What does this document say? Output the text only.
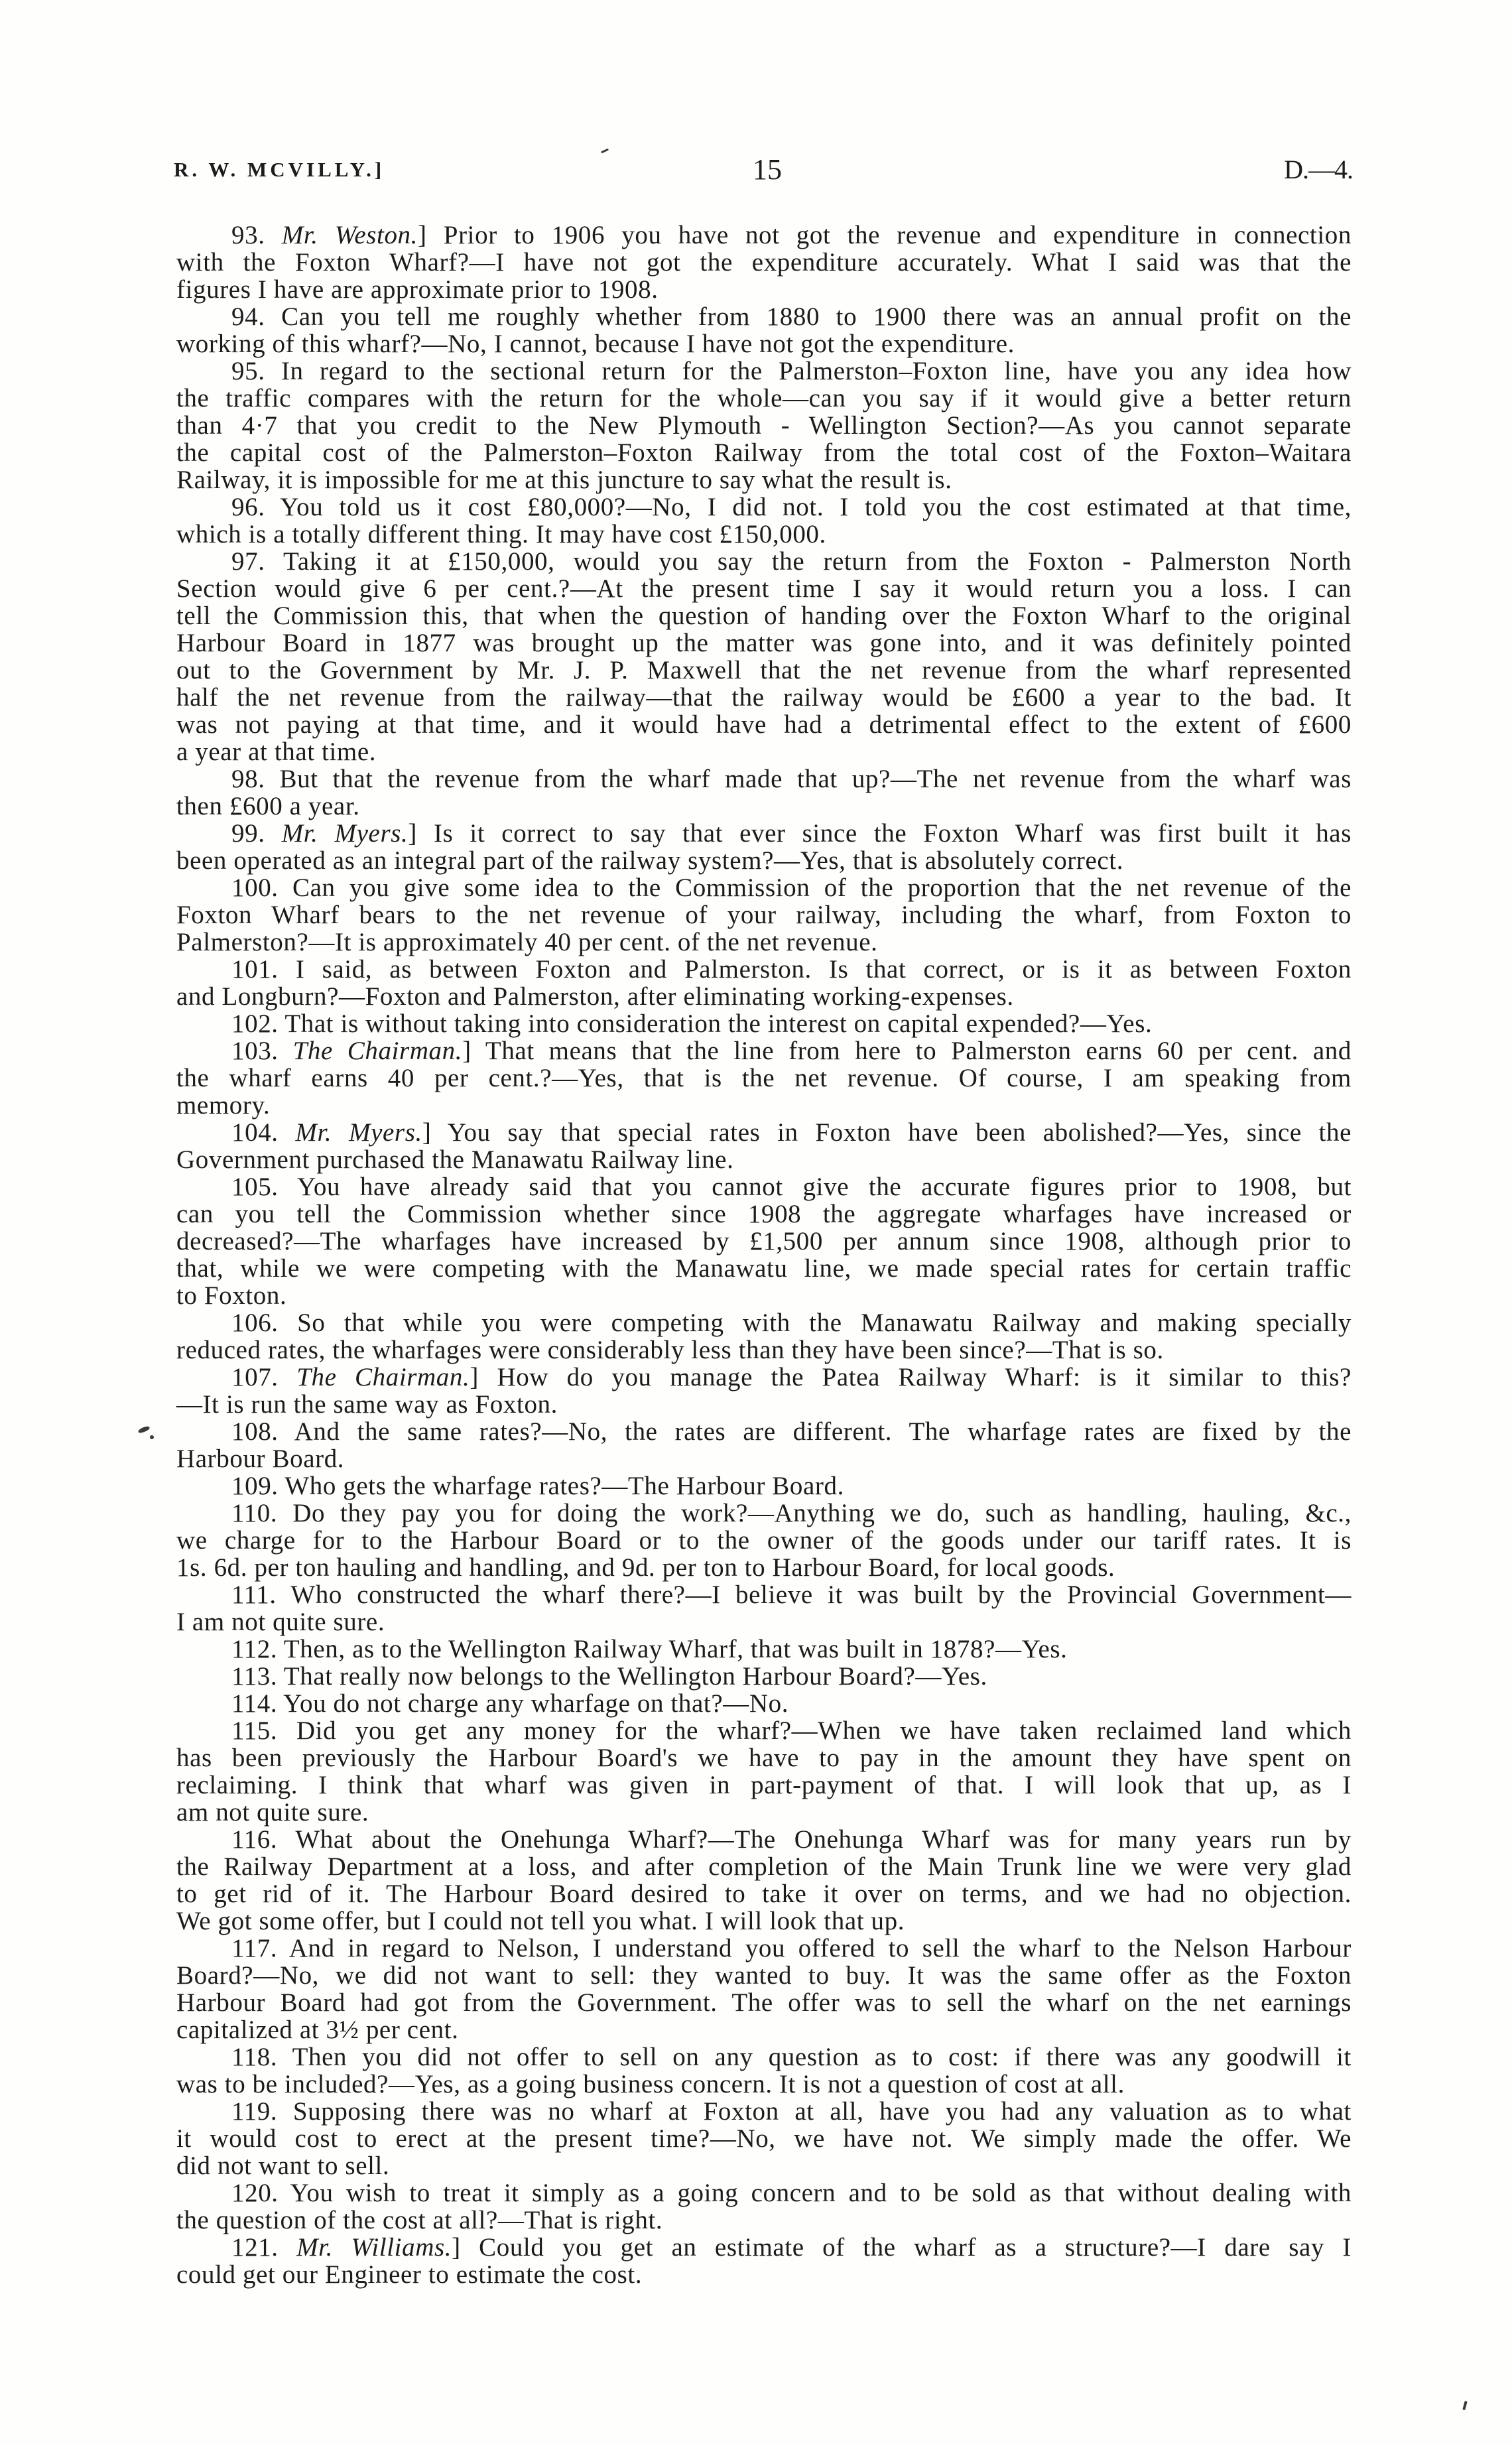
R. W. MCVILLY.]	15	D.—4.
93. Mr. Weston.] Prior to 1906 you have not got the revenue and expenditure in connection
with the Foxton Wharf?—I have not got the expenditure accurately. What I said was that the
figures I have are approximate prior to 1908.
94. Can you tell me roughly whether from 1880 to 1900 there was an annual profit on the
working of this wharf?—No, I cannot, because I have not got the expenditure.
95. In regard to the sectional return for the Palmerston–Foxton line, have you any idea how
the traffic compares with the return for the whole—can you say if it would give a better return
than 4·7 that you credit to the New Plymouth - Wellington Section?—As you cannot separate
the capital cost of the Palmerston–Foxton Railway from the total cost of the Foxton–Waitara
Railway, it is impossible for me at this juncture to say what the result is.
96. You told us it cost £80,000?—No, I did not. I told you the cost estimated at that time,
which is a totally different thing. It may have cost £150,000.
97. Taking it at £150,000, would you say the return from the Foxton - Palmerston North
Section would give 6 per cent.?—At the present time I say it would return you a loss. I can
tell the Commission this, that when the question of handing over the Foxton Wharf to the original
Harbour Board in 1877 was brought up the matter was gone into, and it was definitely pointed
out to the Government by Mr. J. P. Maxwell that the net revenue from the wharf represented
half the net revenue from the railway—that the railway would be £600 a year to the bad. It
was not paying at that time, and it would have had a detrimental effect to the extent of £600
a year at that time.
98. But that the revenue from the wharf made that up?—The net revenue from the wharf was
then £600 a year.
99. Mr. Myers.] Is it correct to say that ever since the Foxton Wharf was first built it has
been operated as an integral part of the railway system?—Yes, that is absolutely correct.
100. Can you give some idea to the Commission of the proportion that the net revenue of the
Foxton Wharf bears to the net revenue of your railway, including the wharf, from Foxton to
Palmerston?—It is approximately 40 per cent. of the net revenue.
101. I said, as between Foxton and Palmerston. Is that correct, or is it as between Foxton
and Longburn?—Foxton and Palmerston, after eliminating working-expenses.
102. That is without taking into consideration the interest on capital expended?—Yes.
103. The Chairman.] That means that the line from here to Palmerston earns 60 per cent. and
the wharf earns 40 per cent.?—Yes, that is the net revenue. Of course, I am speaking from
memory.
104. Mr. Myers.] You say that special rates in Foxton have been abolished?—Yes, since the
Government purchased the Manawatu Railway line.
105. You have already said that you cannot give the accurate figures prior to 1908, but
can you tell the Commission whether since 1908 the aggregate wharfages have increased or
decreased?—The wharfages have increased by £1,500 per annum since 1908, although prior to
that, while we were competing with the Manawatu line, we made special rates for certain traffic
to Foxton.
106. So that while you were competing with the Manawatu Railway and making specially
reduced rates, the wharfages were considerably less than they have been since?—That is so.
107. The Chairman.] How do you manage the Patea Railway Wharf: is it similar to this?
—It is run the same way as Foxton.
108. And the same rates?—No, the rates are different. The wharfage rates are fixed by the
Harbour Board.
109. Who gets the wharfage rates?—The Harbour Board.
110. Do they pay you for doing the work?—Anything we do, such as handling, hauling, &c.,
we charge for to the Harbour Board or to the owner of the goods under our tariff rates. It is
1s. 6d. per ton hauling and handling, and 9d. per ton to Harbour Board, for local goods.
111. Who constructed the wharf there?—I believe it was built by the Provincial Government—
I am not quite sure.
112. Then, as to the Wellington Railway Wharf, that was built in 1878?—Yes.
113. That really now belongs to the Wellington Harbour Board?—Yes.
114. You do not charge any wharfage on that?—No.
115. Did you get any money for the wharf?—When we have taken reclaimed land which
has been previously the Harbour Board's we have to pay in the amount they have spent on
reclaiming. I think that wharf was given in part-payment of that. I will look that up, as I
am not quite sure.
116. What about the Onehunga Wharf?—The Onehunga Wharf was for many years run by
the Railway Department at a loss, and after completion of the Main Trunk line we were very glad
to get rid of it. The Harbour Board desired to take it over on terms, and we had no objection.
We got some offer, but I could not tell you what. I will look that up.
117. And in regard to Nelson, I understand you offered to sell the wharf to the Nelson Harbour
Board?—No, we did not want to sell: they wanted to buy. It was the same offer as the Foxton
Harbour Board had got from the Government. The offer was to sell the wharf on the net earnings
capitalized at 3½ per cent.
118. Then you did not offer to sell on any question as to cost: if there was any goodwill it
was to be included?—Yes, as a going business concern. It is not a question of cost at all.
119. Supposing there was no wharf at Foxton at all, have you had any valuation as to what
it would cost to erect at the present time?—No, we have not. We simply made the offer. We
did not want to sell.
120. You wish to treat it simply as a going concern and to be sold as that without dealing with
the question of the cost at all?—That is right.
121. Mr. Williams.] Could you get an estimate of the wharf as a structure?—I dare say I
could get our Engineer to estimate the cost.
